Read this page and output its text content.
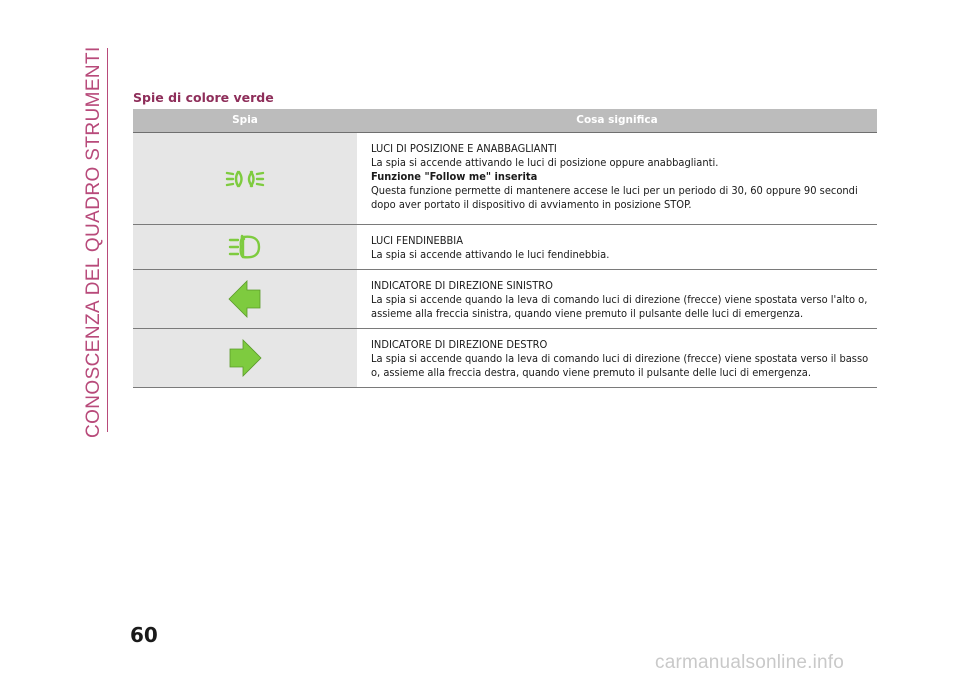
CONOSCENZA DEL QUADRO STRUMENTI Spie di colore verde
Spia	Cosa significa

LUCI DI POSIZIONE E ANABBAGLIANTI

La spia si accende attivando le luci di posizione oppure anabbaglianti.

Funzione "Follow me" inserita

Questa funzione permette di mantenere accese le luci per un periodo di 30, 60 oppure 90 secondi dopo aver portato il dispositivo di avviamento in posizione STOP.

LUCI FENDINEBBIA

La spia si accende attivando le luci fendinebbia.

INDICATORE DI DIREZIONE SINISTRO

La spia si accende quando la leva di comando luci di direzione (frecce) viene spostata verso l'alto o, assieme alla freccia sinistra, quando viene premuto il pulsante delle luci di emergenza.

INDICATORE DI DIREZIONE DESTRO

La spia si accende quando la leva di comando luci di direzione (frecce) viene spostata verso il basso o, assieme alla freccia destra, quando viene premuto il pulsante delle luci di emergenza.

60
carmanualsonline.info
